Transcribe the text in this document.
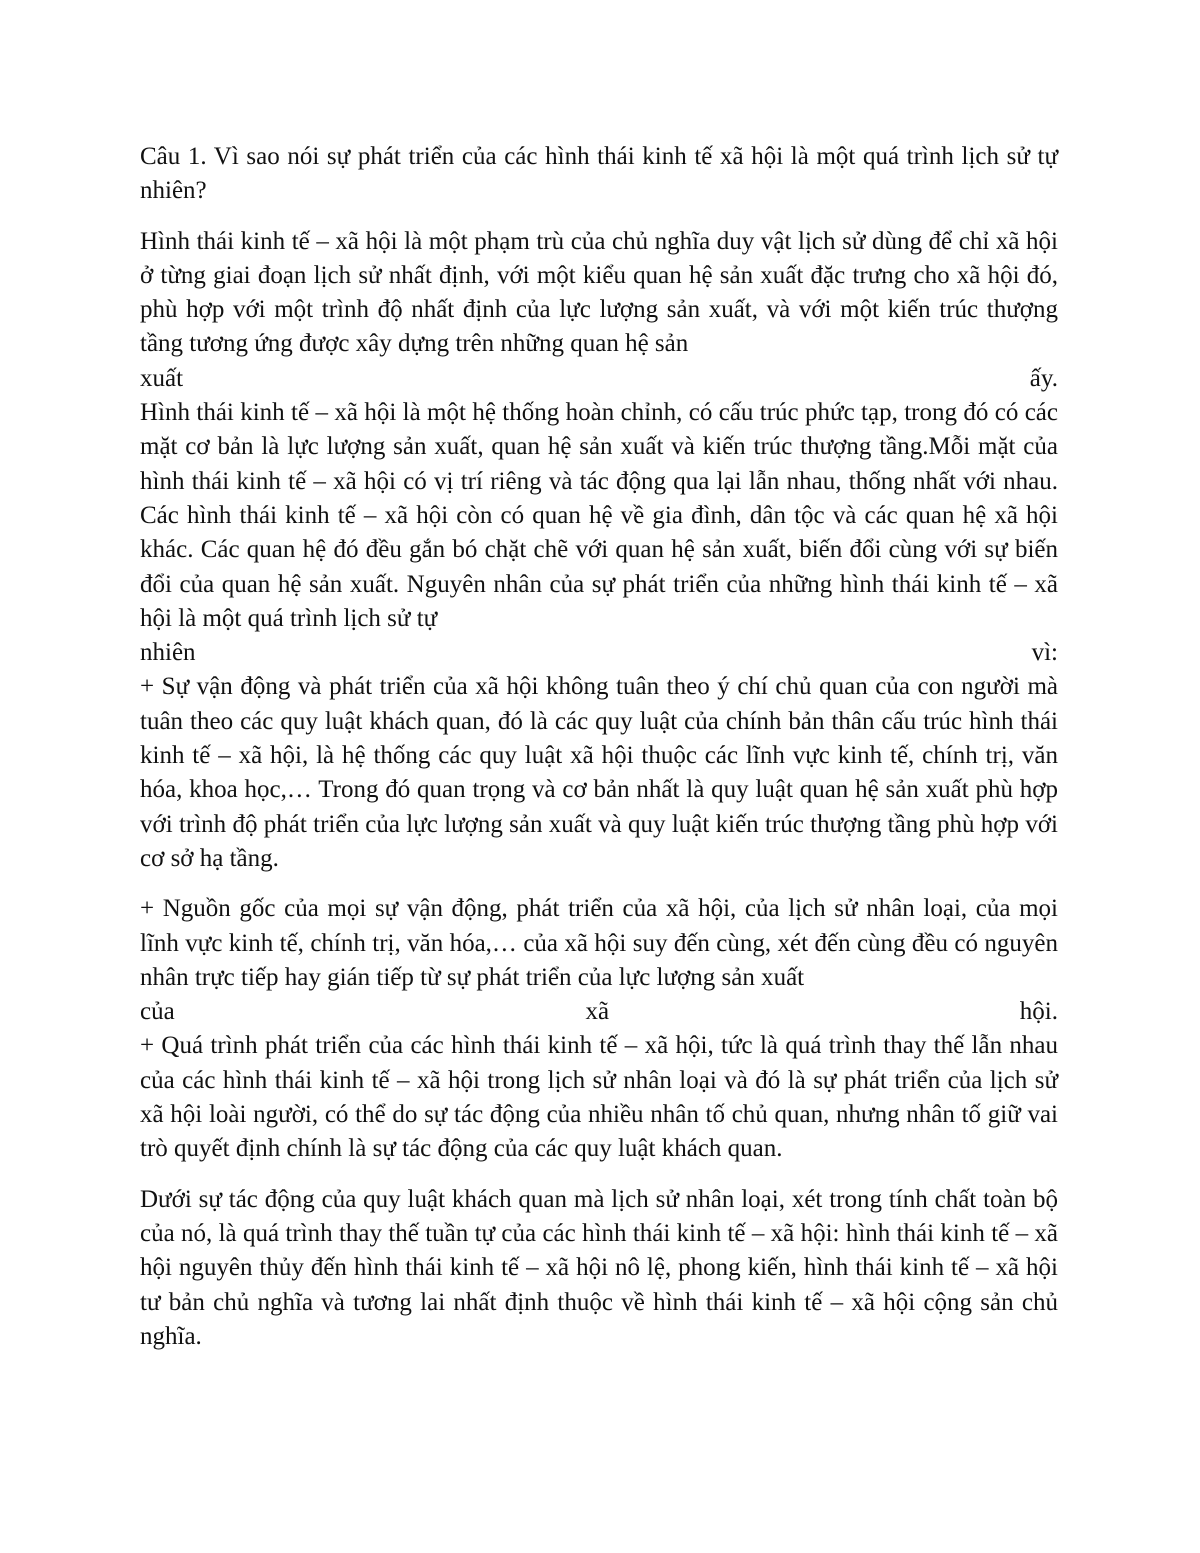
Câu 1. Vì sao nói sự phát triển của các hình thái kinh tế xã hội là một quá trình lịch sử tự nhiên?

Hình thái kinh tế – xã hội là một phạm trù của chủ nghĩa duy vật lịch sử dùng để chỉ xã hội ở từng giai đoạn lịch sử nhất định, với một kiểu quan hệ sản xuất đặc trưng cho xã hội đó, phù hợp với một trình độ nhất định của lực lượng sản xuất, và với một kiến trúc thượng tầng tương ứng được xây dựng trên những quan hệ sản

xuất	ấy.

Hình thái kinh tế – xã hội là một hệ thống hoàn chỉnh, có cấu trúc phức tạp, trong đó có các mặt cơ bản là lực lượng sản xuất, quan hệ sản xuất và kiến trúc thượng tầng.Mỗi mặt của hình thái kinh tế – xã hội có vị trí riêng và tác động qua lại lẫn nhau, thống nhất với nhau. Các hình thái kinh tế – xã hội còn có quan hệ về gia đình, dân tộc và các quan hệ xã hội khác. Các quan hệ đó đều gắn bó chặt chẽ với quan hệ sản xuất, biến đổi cùng với sự biến đổi của quan hệ sản xuất. Nguyên nhân của sự phát triển của những hình thái kinh tế – xã hội là một quá trình lịch sử tự

nhiên	vì:

+ Sự vận động và phát triển của xã hội không tuân theo ý chí chủ quan của con người mà tuân theo các quy luật khách quan, đó là các quy luật của chính bản thân cấu trúc hình thái kinh tế – xã hội, là hệ thống các quy luật xã hội thuộc các lĩnh vực kinh tế, chính trị, văn hóa, khoa học,… Trong đó quan trọng và cơ bản nhất là quy luật quan hệ sản xuất phù hợp với trình độ phát triển của lực lượng sản xuất và quy luật kiến trúc thượng tầng phù hợp với cơ sở hạ tầng.

+ Nguồn gốc của mọi sự vận động, phát triển của xã hội, của lịch sử nhân loại, của mọi lĩnh vực kinh tế, chính trị, văn hóa,… của xã hội suy đến cùng, xét đến cùng đều có nguyên nhân trực tiếp hay gián tiếp từ sự phát triển của lực lượng sản xuất

của	xã	hội.

+ Quá trình phát triển của các hình thái kinh tế – xã hội, tức là quá trình thay thế lẫn nhau của các hình thái kinh tế – xã hội trong lịch sử nhân loại và đó là sự phát triển của lịch sử xã hội loài người, có thể do sự tác động của nhiều nhân tố chủ quan, nhưng nhân tố giữ vai trò quyết định chính là sự tác động của các quy luật khách quan.

Dưới sự tác động của quy luật khách quan mà lịch sử nhân loại, xét trong tính chất toàn bộ của nó, là quá trình thay thế tuần tự của các hình thái kinh tế – xã hội: hình thái kinh tế – xã hội nguyên thủy đến hình thái kinh tế – xã hội nô lệ, phong kiến, hình thái kinh tế – xã hội tư bản chủ nghĩa và tương lai nhất định thuộc về hình thái kinh tế – xã hội cộng sản chủ nghĩa.
